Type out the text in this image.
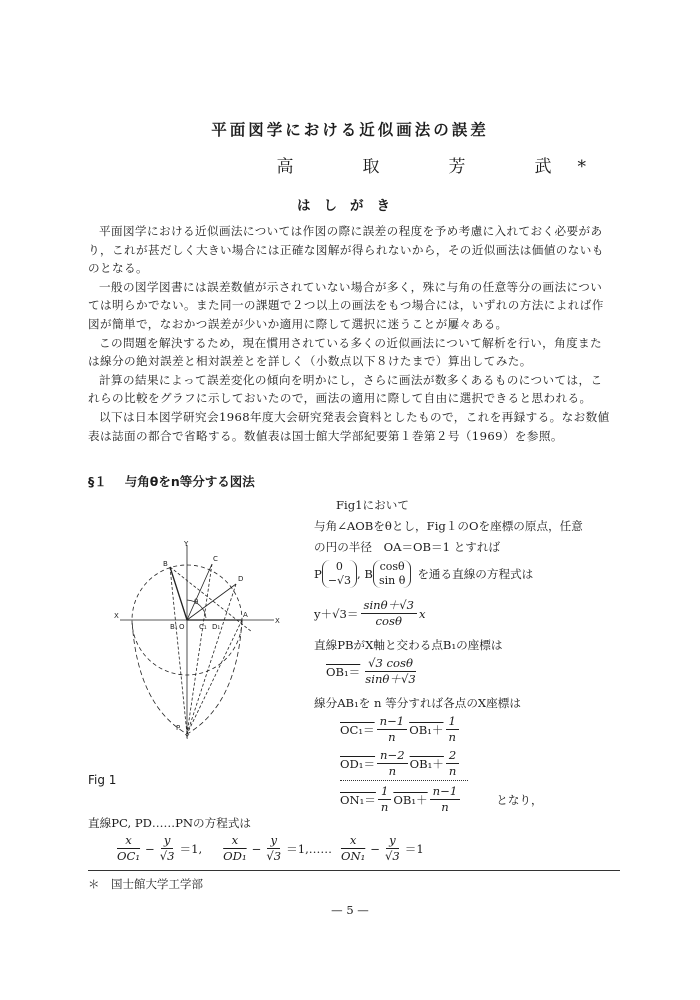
平面図学における近似画法の誤差
高　取　芳　武*
はしがき

平面図学における近似画法については作図の際に誤差の程度を予め考慮に入れておく必要があり，これが甚だしく大きい場合には正確な図解が得られないから，その近似画法は価値のないものとなる。

一般の図学図書には誤差数値が示されていない場合が多く，殊に与角の任意等分の画法については明らかでない。また同一の課題で２つ以上の画法をもつ場合には，いずれの方法によれば作図が簡単で，なおかつ誤差が少いか適用に際して選択に迷うことが屢々ある。

この問題を解決するため，現在慣用されている多くの近似画法について解析を行い，角度または線分の絶対誤差と相対誤差とを詳しく（小数点以下８けたまで）算出してみた。

計算の結果によって誤差変化の傾向を明かにし，さらに画法が数多くあるものについては，これらの比較をグラフに示しておいたので，画法の適用に際して自由に選択できると思われる。

以下は日本図学研究会1968年度大会研究発表会資料としたもので，これを再録する。なお数値表は誌面の都合で省略する。数値表は国士館大学部紀要第１巻第２号（1969）を参照。

§１ 与角θをn等分する図法
X
X
Y
Y
B
C
D
A
O
P
B₁	C₁ D₁
θ
Fig 1
Fig1において
与角∠AOBをθとし，Fig１のOを座標の原点，任意
の円の半径　OA＝OB＝1 とすれば
P
0
−√3 , B
cosθ
sin θ を通る直線の方程式は
$y+√3= \frac{\sin\theta+√3}{\cos\theta}$ x
直線PBがX軸と交わる点B₁の座標は
$OB_1= \frac{√3 \cos\theta}{\sin\theta+√3}$
線分AB₁を n 等分すれば各点のX座標は
$OC_1= \frac{n-1}{n} OB_1+ \frac{1}{n}$
$OD_1= \frac{n-2}{n} OB_1+ \frac{2}{n}$
$ON_1= \frac{1}{n} OB_1+ \frac{n-1}{n}$	となり，
直線PC, PD……PNの方程式は
$\frac{x}{\text{OC₁}} - \frac{y}{√3} =1$, $\frac{x}{\text{OD₁}} - \frac{y}{√3}$ ＝1,…… $\frac{x}{\text{ON₁}} - \frac{y}{√3} =1$
＊　国士館大学工学部
— 5 —
